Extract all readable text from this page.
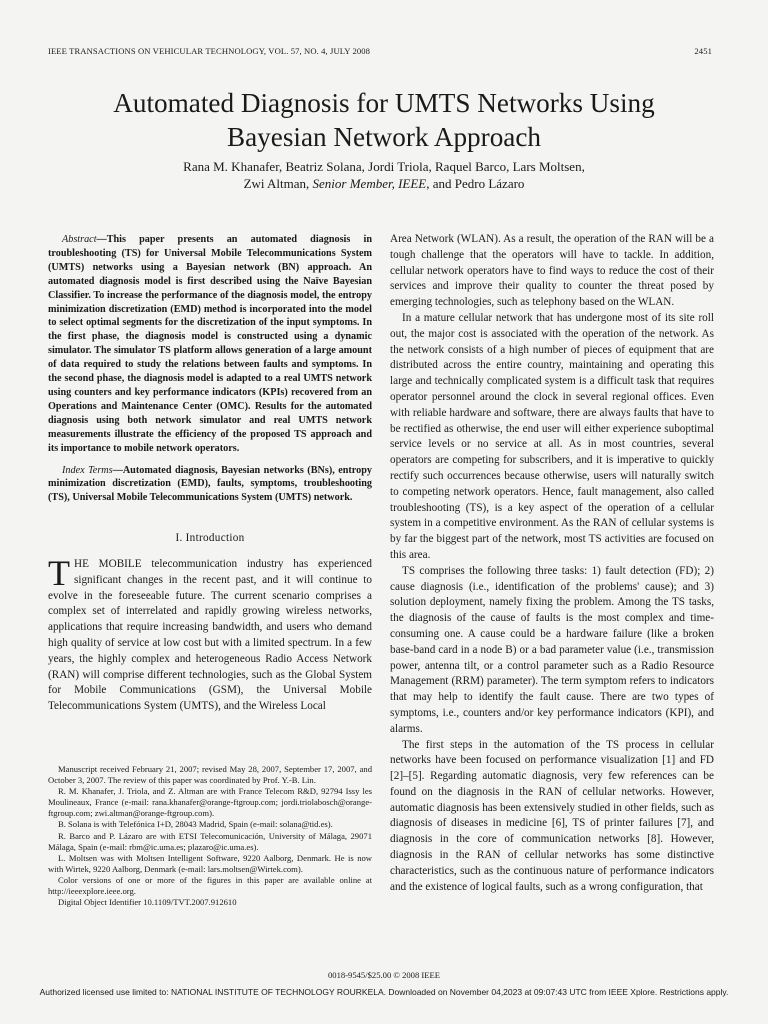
IEEE TRANSACTIONS ON VEHICULAR TECHNOLOGY, VOL. 57, NO. 4, JULY 2008	2451
Automated Diagnosis for UMTS Networks Using
Bayesian Network Approach
Rana M. Khanafer, Beatriz Solana, Jordi Triola, Raquel Barco, Lars Moltsen,
Zwi Altman, Senior Member, IEEE, and Pedro Lázaro

Abstract—This paper presents an automated diagnosis in troubleshooting (TS) for Universal Mobile Telecommunications System (UMTS) networks using a Bayesian network (BN) approach. An automated diagnosis model is first described using the Naïve Bayesian Classifier. To increase the performance of the diagnosis model, the entropy minimization discretization (EMD) method is incorporated into the model to select optimal segments for the discretization of the input symptoms. In the first phase, the diagnosis model is constructed using a dynamic simulator. The simulator TS platform allows generation of a large amount of data required to study the relations between faults and symptoms. In the second phase, the diagnosis model is adapted to a real UMTS network using counters and key performance indicators (KPIs) recovered from an Operations and Maintenance Center (OMC). Results for the automated diagnosis using both network simulator and real UMTS network measurements illustrate the efficiency of the proposed TS approach and its importance to mobile network operators.

Index Terms—Automated diagnosis, Bayesian networks (BNs), entropy minimization discretization (EMD), faults, symptoms, troubleshooting (TS), Universal Mobile Telecommunications System (UMTS) network.

I. Introduction

THE MOBILE telecommunication industry has experienced significant changes in the recent past, and it will continue to evolve in the foreseeable future. The current scenario comprises a complex set of interrelated and rapidly growing wireless networks, applications that require increasing bandwidth, and users who demand high quality of service at low cost but with a limited spectrum. In a few years, the highly complex and heterogeneous Radio Access Network (RAN) will comprise different technologies, such as the Global System for Mobile Communications (GSM), the Universal Mobile Telecommunications System (UMTS), and the Wireless Local

Manuscript received February 21, 2007; revised May 28, 2007, September 17, 2007, and October 3, 2007. The review of this paper was coordinated by Prof. Y.-B. Lin.

R. M. Khanafer, J. Triola, and Z. Altman are with France Telecom R&D, 92794 Issy les Moulineaux, France (e-mail: rana.khanafer@orange-ftgroup.com; jordi.triolabosch@orange-ftgroup.com; zwi.altman@orange-ftgroup.com).

B. Solana is with Telefónica I+D, 28043 Madrid, Spain (e-mail: solana@tid.es).

R. Barco and P. Lázaro are with ETSI Telecomunicación, University of Málaga, 29071 Málaga, Spain (e-mail: rbm@ic.uma.es; plazaro@ic.uma.es).

L. Moltsen was with Moltsen Intelligent Software, 9220 Aalborg, Denmark. He is now with Wirtek, 9220 Aalborg, Denmark (e-mail: lars.moltsen@Wirtek.com).

Color versions of one or more of the figures in this paper are available online at http://ieeexplore.ieee.org.

Digital Object Identifier 10.1109/TVT.2007.912610

Area Network (WLAN). As a result, the operation of the RAN will be a tough challenge that the operators will have to tackle. In addition, cellular network operators have to find ways to reduce the cost of their services and improve their quality to counter the threat posed by emerging technologies, such as telephony based on the WLAN.

In a mature cellular network that has undergone most of its site roll out, the major cost is associated with the operation of the network. As the network consists of a high number of pieces of equipment that are distributed across the entire country, maintaining and operating this large and technically complicated system is a difficult task that requires operator personnel around the clock in several regional offices. Even with reliable hardware and software, there are always faults that have to be rectified as otherwise, the end user will either experience suboptimal service levels or no service at all. As in most countries, several operators are competing for subscribers, and it is imperative to quickly rectify such occurrences because otherwise, users will naturally switch to competing network operators. Hence, fault management, also called troubleshooting (TS), is a key aspect of the operation of a cellular system in a competitive environment. As the RAN of cellular systems is by far the biggest part of the network, most TS activities are focused on this area.

TS comprises the following three tasks: 1) fault detection (FD); 2) cause diagnosis (i.e., identification of the problems' cause); and 3) solution deployment, namely fixing the problem. Among the TS tasks, the diagnosis of the cause of faults is the most complex and time-consuming one. A cause could be a hardware failure (like a broken base-band card in a node B) or a bad parameter value (i.e., transmission power, antenna tilt, or a control parameter such as a Radio Resource Management (RRM) parameter). The term symptom refers to indicators that may help to identify the fault cause. There are two types of symptoms, i.e., counters and/or key performance indicators (KPI), and alarms.

The first steps in the automation of the TS process in cellular networks have been focused on performance visualization [1] and FD [2]–[5]. Regarding automatic diagnosis, very few references can be found on the diagnosis in the RAN of cellular networks. However, automatic diagnosis has been extensively studied in other fields, such as diagnosis of diseases in medicine [6], TS of printer failures [7], and diagnosis in the core of communication networks [8]. However, diagnosis in the RAN of cellular networks has some distinctive characteristics, such as the continuous nature of performance indicators and the existence of logical faults, such as a wrong configuration, that

0018-9545/$25.00 © 2008 IEEE
Authorized licensed use limited to: NATIONAL INSTITUTE OF TECHNOLOGY ROURKELA. Downloaded on November 04,2023 at 09:07:43 UTC from IEEE Xplore. Restrictions apply.
